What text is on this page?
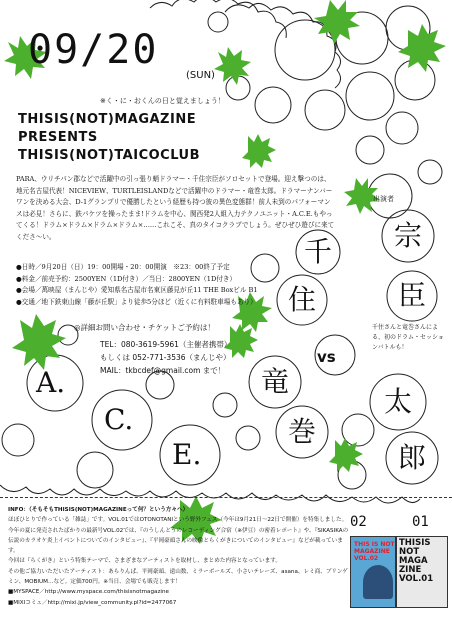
09/20
(SUN)
※く・に・おくんの日と覚えましょう！
THISIS(NOT)MAGAZINE
PRESENTS
THISIS(NOT)TAICOCLUB
PARA、ウリチパン郡などで活躍中の引っ張り蛸ドラマー・千住宗臣がソロセットで登場。迎え撃つのは、地元名古屋代表！NICEVIEW、TURTLEISLANDなどで活躍中のドラマー・竜巻太郎。ドラマーナンバーワンを決める大会、D-1グランプリで優勝したという経歴も持つ彼の異色変態群！前人未到のパフォーマンスは必見！さらに、鉄パケツを操ったまま!ドラムを中心、関西発2人組入力テクノユニット・A.C.E.もやってくる！ドラム×ドラム×ドラム×ドラム×……これこそ、真のタイコクラブでしょう。ぜひぜひ遊びに来てくださ～い。
●日時／9月20日（日）19：00開場・20：00開演　※23：00終了予定
●料金／前売予約：2500YEN（1D付き）／当日：2800YEN（1D付き）
●会場／萬映屋（まんじや）愛知県名古屋市名東区藤見が丘11 THE Boxビル B1
●交通／地下鉄東山線「藤が丘駅」より徒歩5分ほど（近くに有料駐車場もあり）
◎詳細お問い合わせ・チケットご予約は！
TEL：080-3619-5961（主催者携帯）
もしくは 052-771-3536（まんじや）
MAIL：tkbcdef@gmail.com まで！
出演者
宗
臣
千
住
竜
巻
太
郎
A.
C.
E.
vs
千住さんと竜巻さんによる、初のドラム・セッションバトルも！
INFO：（そもそもTHISIS(NOT)MAGAZINEって何？という方々へ）
ほぼひとりで作っている「雑誌」です。VOL.01ではOTONOTANIという野外フェス（今年は9月21日～22日で開催）を特集しました。今年の夏に発売されたばかりの最新号VOL.02では、『のうしんとうのレコーディング合宿（※伊豆）の密着レポート』や、『SIKASIKAの伝説のカラオケ炎上イベントについてのインタビュー』、『平岡豪頭さんの映像とらくがきについてのインタビュー』などが載っています。
今回は『らくがき』という特集テーマで、さまざまなアーティストを取材し、まとめた内容となっています。
その他ご協力いただいたアーティスト：あらりんぱ、平岡豪頭、遠山数、ミラーボールズ、小さいテレーズ、asana、レミ商、ブリンゲミン、MOBIUM…など。定価700円。※当日、会場でも販売します！
■MYSPACE／http://www.myspace.com/thisisnotmagazine
■MIXIコミュ／http://mixi.jp/view_community.pl?id=2477067
02	01
THIS IS NOT MAGAZINE VOL.02
THISIS NOT MAGA ZINE VOL.01
